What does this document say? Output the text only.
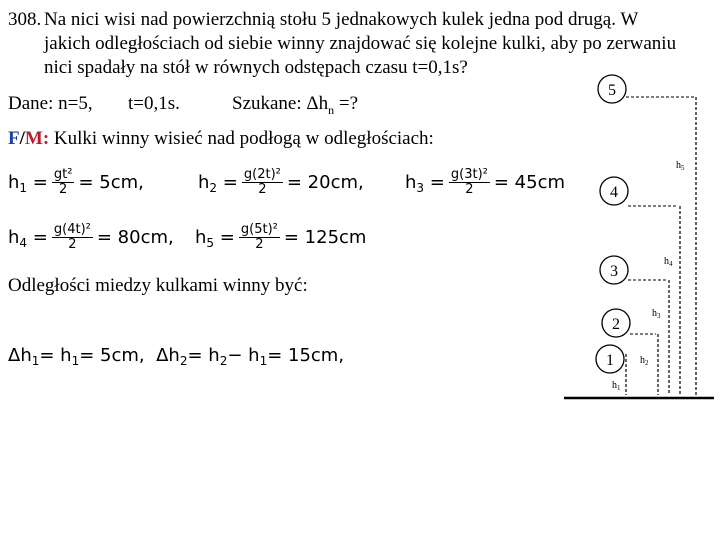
308. Na nici wisi nad powierzchnią stołu 5 jednakowych kulek jedna pod drugą. W
jakich odległościach od siebie winny znajdować się kolejne kulki, aby po zerwaniu
nici spadały na stół w równych odstępach czasu t=0,1s?
Dane: n=5, t=0,1s.	Szukane: $\Delta h_n$ =?
F/M: Kulki winny wisieć nad podłogą w odległościach:
h $1 = \frac{\text{gt²}}{2} = 5cm$,	h $2 = \frac{\text{g(2t)²}}{2} = 20cm$, h $3 = \frac{\text{g(3t)²}}{2} = 45cm$
h $4 = \frac{\text{g(4t)²}}{2} = 80cm$, h $5 = \frac{\text{g(5t)²}}{2} = 125cm$
Odległości miedzy kulkami winny być:
Δh 1 = h 1 = 5cm,
Δh 2 = h 2 − h 1 = 15cm,
5
$h_5$
4
$h_4$
3
$h_3$
2
$h_2$
1
$h_1$
